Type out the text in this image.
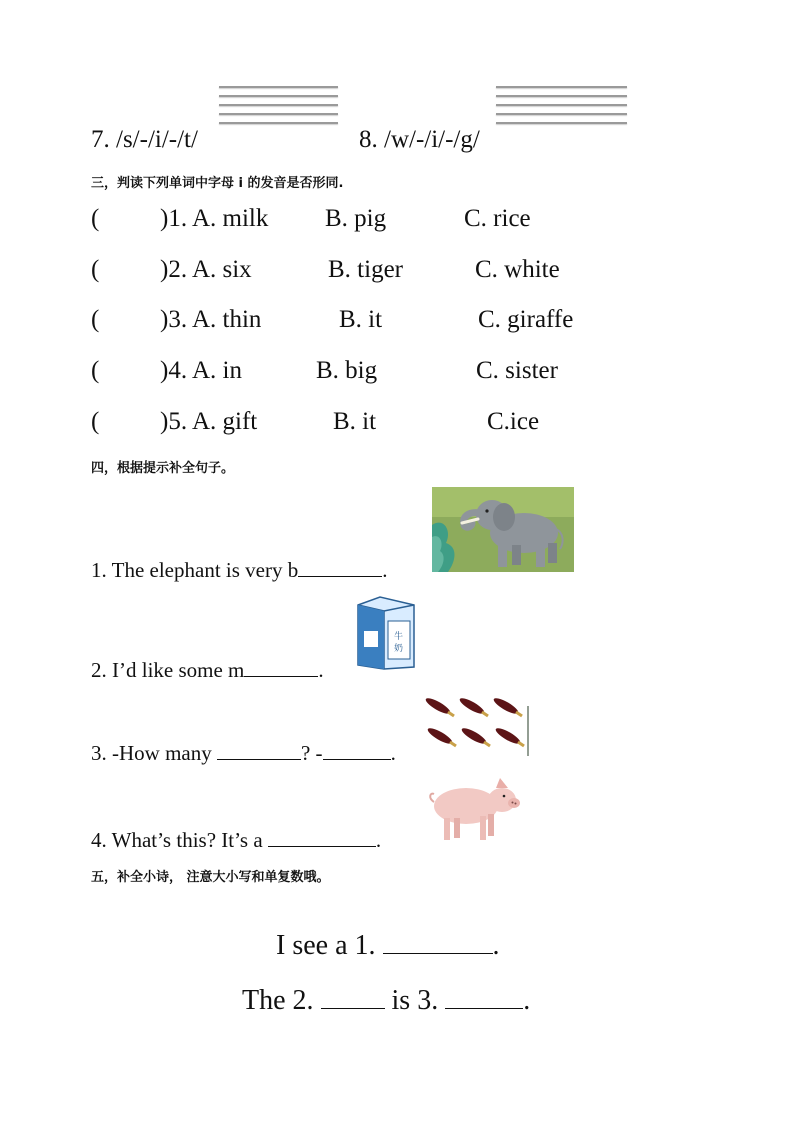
7. /s/-/i/-/t/	8. /w/-/i/-/g/
三，判读下列单词中字母 i 的发音是否形同.
( )1. A. milk B. pig	C. rice
( )2. A. six	B. tiger	C. white
( )3. A. thin	B. it	C. giraffe
( )4. A. in	B. big	C. sister
( )5. A. gift	B. it	C.ice
四，根据提示补全句子。
1. The elephant is very b	.
牛
奶
2. I’d like some m	.
3. -How many	? -	.
4. What’s this? It’s a	.
五，补全小诗， 注意大小写和单复数哦。
I see a 1.	.
The 2.  is 3.	.
